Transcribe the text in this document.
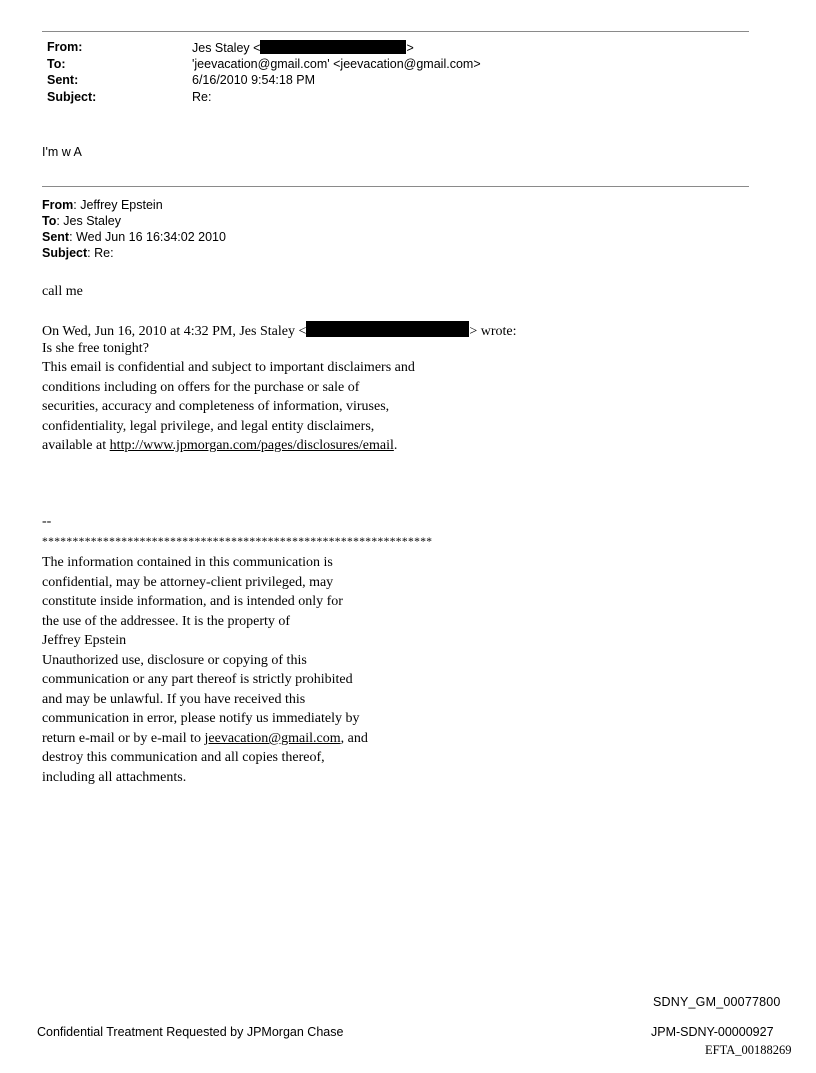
From:	Jes Staley <	>
To:	'jeevacation@gmail.com' <jeevacation@gmail.com>
Sent:	6/16/2010 9:54:18 PM
Subject:	Re:
I'm w A
From: Jeffrey Epstein
To: Jes Staley
Sent: Wed Jun 16 16:34:02 2010
Subject: Re:
call me
On Wed, Jun 16, 2010 at 4:32 PM, Jes Staley <	> wrote:
Is she free tonight?
This email is confidential and subject to important disclaimers and
conditions including on offers for the purchase or sale of
securities, accuracy and completeness of information, viruses,
confidentiality, legal privilege, and legal entity disclaimers,
available at http://www.jpmorgan.com/pages/disclosures/email.
--
****************************************************************
The information contained in this communication is
confidential, may be attorney-client privileged, may
constitute inside information, and is intended only for
the use of the addressee. It is the property of
Jeffrey Epstein
Unauthorized use, disclosure or copying of this
communication or any part thereof is strictly prohibited
and may be unlawful. If you have received this
communication in error, please notify us immediately by
return e-mail or by e-mail to jeevacation@gmail.com, and
destroy this communication and all copies thereof,
including all attachments.
SDNY_GM_00077800
Confidential Treatment Requested by JPMorgan Chase	JPM-SDNY-00000927
EFTA_00188269
